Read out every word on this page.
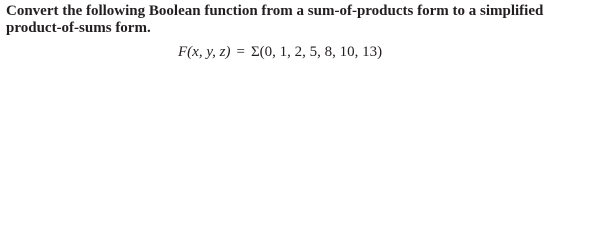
Convert the following Boolean function from a sum-of-products form to a simplified
product-of-sums form.

F(x, y, z) = Σ(0, 1, 2, 5, 8, 10, 13)
